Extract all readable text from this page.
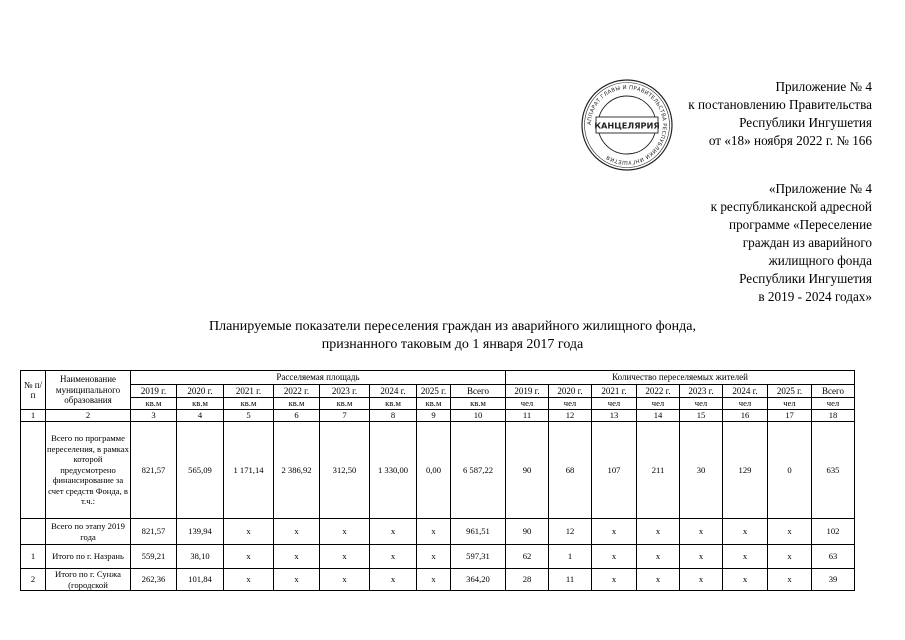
АППАРАТ ГЛАВЫ И ПРАВИТЕЛЬСТВА РЕСПУБЛИКИ ИНГУШЕТИЯ
КАНЦЕЛЯРИЯ
Приложение № 4
к постановлению Правительства
Республики Ингушетия
от «18» ноября 2022 г. № 166
«Приложение № 4
к республиканской адресной
программе «Переселение
граждан из аварийного
жилищного фонда
Республики Ингушетия
в 2019 - 2024 годах»
Планируемые показатели переселения граждан из аварийного жилищного фонда,
признанного таковым до 1 января 2017 года
№ п/п	Наименование муниципального образования	Расселяемая площадь								Количество переселяемых жителей							
		2019 г.	2020 г.	2021 г.	2022 г.	2023 г.	2024 г.	2025 г.	Всего	2019 г.	2020 г.	2021 г.	2022 г.	2023 г.	2024 г.	2025 г.	Всего
		кв.м	кв.м	кв.м	кв.м	кв.м	кв.м	кв.м	кв.м	чел	чел	чел	чел	чел	чел	чел	чел
1	2	3	4	5	6	7	8	9	10	11	12	13	14	15	16	17	18
	Всего по программе переселения, в рамках которой предусмотрено финансирование за счет средств Фонда, в т.ч.:	821,57	565,09	1 171,14	2 386,92	312,50	1 330,00	0,00	6 587,22	90	68	107	211	30	129	0	635
	Всего по этапу 2019 года	821,57	139,94	x	x	x	x	x	961,51	90	12	x	x	x	x	x	102
1	Итого по г. Назрань	559,21	38,10	x	x	x	x	x	597,31	62	1	x	x	x	x	x	63
2	Итого по г. Сунжа (городской	262,36	101,84	x	x	x	x	x	364,20	28	11	x	x	x	x	x	39
